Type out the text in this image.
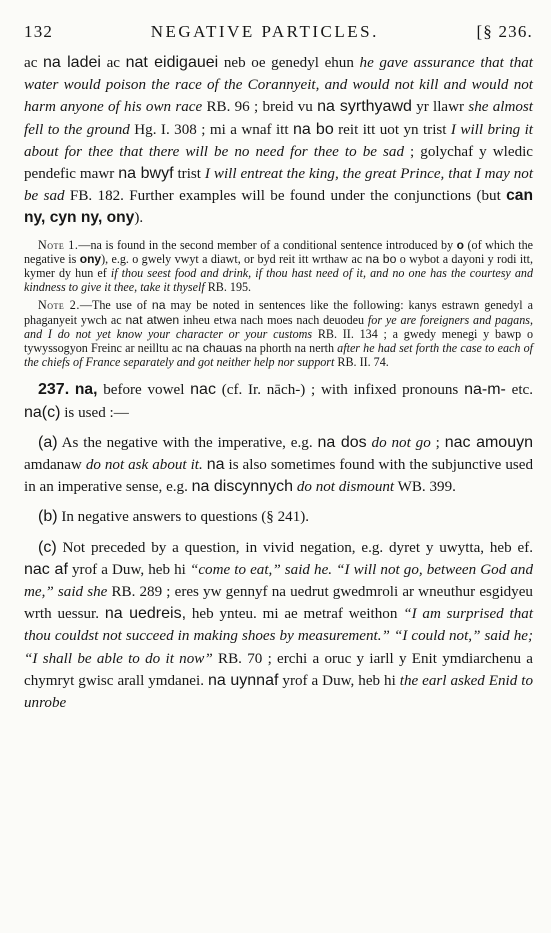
132	NEGATIVE PARTICLES.	[§ 236.

ac na ladei ac nat eidigauei neb oe genedyl ehun he gave assurance that that water would poison the race of the Corannyeit, and would not kill and would not harm anyone of his own race RB. 96 ; breid vu na syrthyawd yr llawr she almost fell to the ground Hg. I. 308 ; mi a wnaf itt na bo reit itt uot yn trist I will bring it about for thee that there will be no need for thee to be sad ; golychaf y wledic pendefic mawr na bwyf trist I will entreat the king, the great Prince, that I may not be sad FB. 182. Further examples will be found under the conjunctions (but can ny, cyn ny, ony).

Note 1.—na is found in the second member of a conditional sentence introduced by o (of which the negative is ony), e.g. o gwely vwyt a diawt, or byd reit itt wrthaw ac na bo o wybot a dayoni y rodi itt, kymer dy hun ef if thou seest food and drink, if thou hast need of it, and no one has the courtesy and kindness to give it thee, take it thyself RB. 195.

Note 2.—The use of na may be noted in sentences like the following: kanys estrawn genedyl a phaganyeit ywch ac nat atwen inheu etwa nach moes nach deuodeu for ye are foreigners and pagans, and I do not yet know your character or your customs RB. II. 134 ; a gwedy menegi y bawp o tywyssogyon Freinc ar neilltu ac na chauas na phorth na nerth after he had set forth the case to each of the chiefs of France separately and got neither help nor support RB. II. 74.

237. na, before vowel nac (cf. Ir. nāch-) ; with infixed pronouns na-m- etc. na(c) is used :—

(a) As the negative with the imperative, e.g. na dos do not go ; nac amouyn amdanaw do not ask about it. na is also sometimes found with the subjunctive used in an imperative sense, e.g. na discynnych do not dismount WB. 399.

(b) In negative answers to questions (§ 241).

(c) Not preceded by a question, in vivid negation, e.g. dyret y uwytta, heb ef. nac af yrof a Duw, heb hi “come to eat,” said he. “I will not go, between God and me,” said she RB. 289 ; eres yw gennyf na uedrut gwedmroli ar wneuthur esgidyeu wrth uessur. na uedreis, heb ynteu. mi ae metraf weithon “I am surprised that thou couldst not succeed in making shoes by measurement.” “I could not,” said he; “I shall be able to do it now” RB. 70 ; erchi a oruc y iarll y Enit ymdiarchenu a chymryt gwisc arall ymdanei. na uynnaf yrof a Duw, heb hi the earl asked Enid to unrobe
